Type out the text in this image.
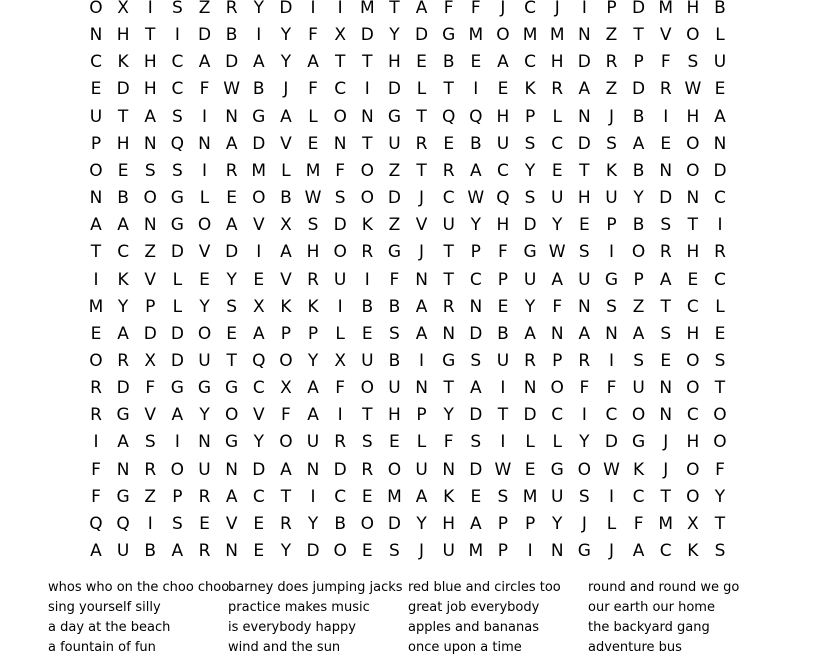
O X	I	S Z R Y D	I	I	M T A F	F	J	C	J	I	P D M H B
N H T	I	D B	I	Y	F X D Y D G M O M M N Z T V O L
C K H C A D A Y A T T H E B E A C H D R P	F S U
E D H C F W B	J	F C	I	D L	T	I	E K R A Z D R W E
U T A S	I	N G A L O N G T Q Q H P	L N	J	B	I	H A
P H N Q N A D V E N T U R E B U S C D S A E O N
O E S S	I	R M L M F O Z T R A C Y E T K B N O D
N B O G L	E O B W S O D	J	C W Q S U H U Y D N C
A A N G O A V X S D K Z V U Y H D Y E P B S T	I
T C Z D V D	I	A H O R G	J	T P	F G W S	I	O R H R
I	K V L	E Y E V R U	I	F N T C P U A U G P A E C
M Y P	L	Y S X K K	I	B B A R N E Y	F N S Z T C L
E A D D O E A P P	L	E S A N D B A N A N A S H E
O R X D U T Q O Y X U B	I	G S U R P R	I	S E O S
R D F G G G C X A F O U N T A	I	N O F	F U N O T
R G V A Y O V F A	I	T H P Y D T D C	I	C O N C O
I	A S	I	N G Y O U R S E	L	F S	I	L	L	Y D G	J	H O
F N R O U N D A N D R O U N D W E G O W K	J	O F
F G Z P R A C T	I	C E M A K E S M U S	I	C T O Y
Q Q	I	S E V E R Y B O D Y H A P P Y	J	L	F M X T
A U B A R N E Y D O E S	J	U M P	I	N G	J	A C K S
whos who on the choo choo
sing yourself silly
a day at the beach
a fountain of fun
barney does jumping jacks
practice makes music
is everybody happy
wind and the sun
red blue and circles too
great job everybody
apples and bananas
once upon a time
round and round we go
our earth our home
the backyard gang
adventure bus
